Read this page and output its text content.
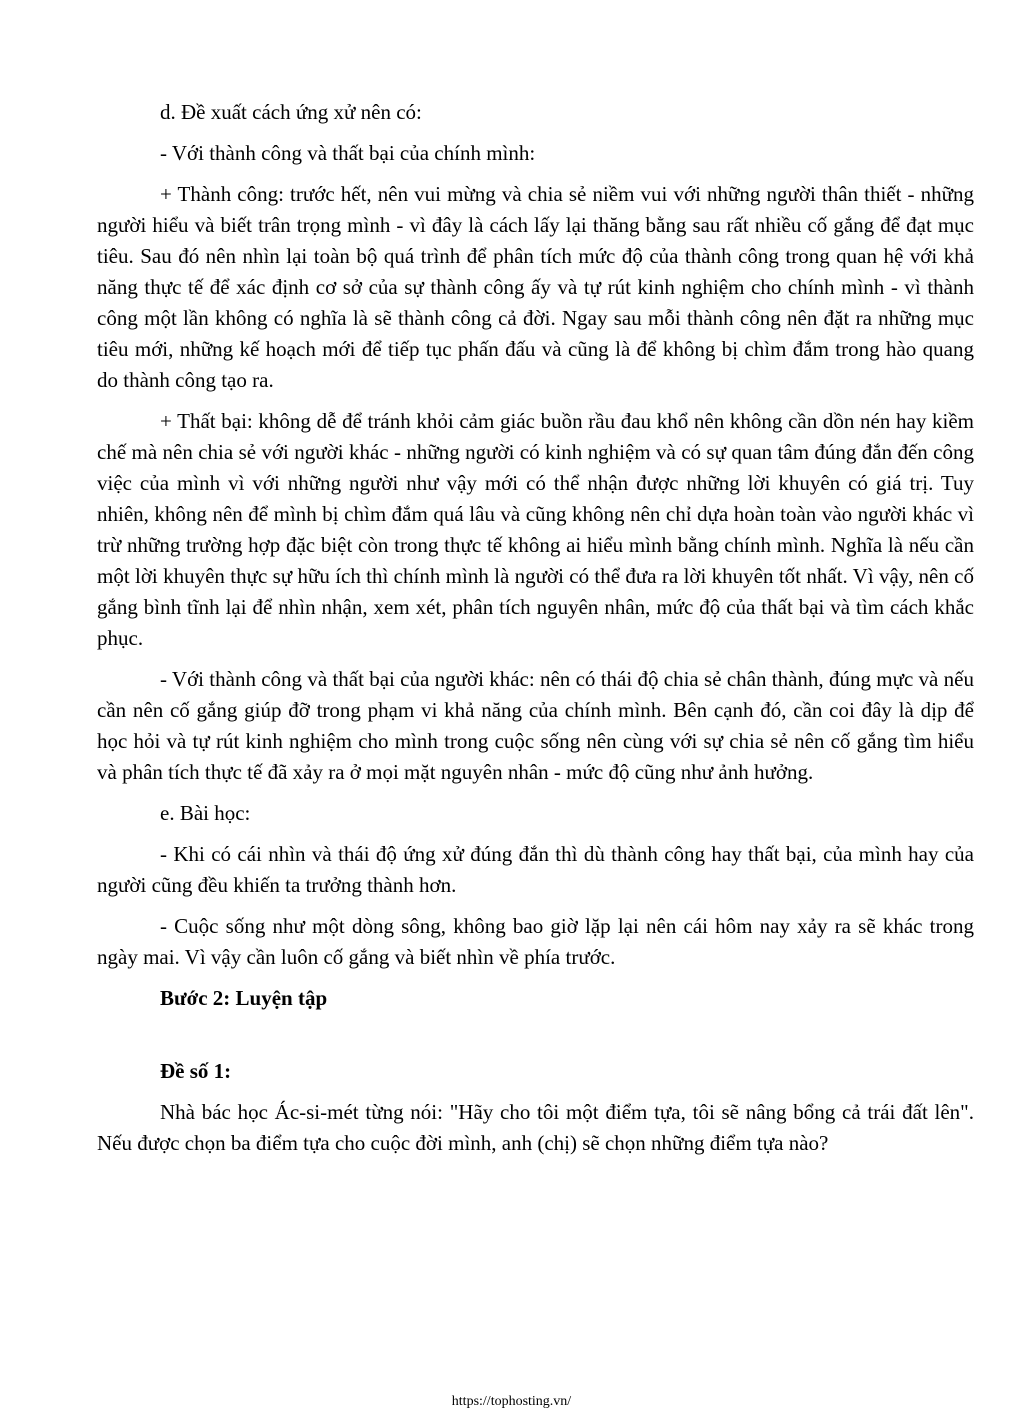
d. Đề xuất cách ứng xử nên có:

- Với thành công và thất bại của chính mình:

+ Thành công: trước hết, nên vui mừng và chia sẻ niềm vui với những người thân thiết - những người hiểu và biết trân trọng mình - vì đây là cách lấy lại thăng bằng sau rất nhiều cố gắng để đạt mục tiêu. Sau đó nên nhìn lại toàn bộ quá trình để phân tích mức độ của thành công trong quan hệ với khả năng thực tế để xác định cơ sở của sự thành công ấy và tự rút kinh nghiệm cho chính mình - vì thành công một lần không có nghĩa là sẽ thành công cả đời. Ngay sau mỗi thành công nên đặt ra những mục tiêu mới, những kế hoạch mới để tiếp tục phấn đấu và cũng là để không bị chìm đắm trong hào quang do thành công tạo ra.

+ Thất bại: không dễ để tránh khỏi cảm giác buồn rầu đau khổ nên không cần dồn nén hay kiềm chế mà nên chia sẻ với người khác - những người có kinh nghiệm và có sự quan tâm đúng đắn đến công việc của mình vì với những người như vậy mới có thể nhận được những lời khuyên có giá trị. Tuy nhiên, không nên để mình bị chìm đắm quá lâu và cũng không nên chỉ dựa hoàn toàn vào người khác vì trừ những trường hợp đặc biệt còn trong thực tế không ai hiểu mình bằng chính mình. Nghĩa là nếu cần một lời khuyên thực sự hữu ích thì chính mình là người có thể đưa ra lời khuyên tốt nhất. Vì vậy, nên cố gắng bình tĩnh lại để nhìn nhận, xem xét, phân tích nguyên nhân, mức độ của thất bại và tìm cách khắc phục.

- Với thành công và thất bại của người khác: nên có thái độ chia sẻ chân thành, đúng mực và nếu cần nên cố gắng giúp đỡ trong phạm vi khả năng của chính mình. Bên cạnh đó, cần coi đây là dịp để học hỏi và tự rút kinh nghiệm cho mình trong cuộc sống nên cùng với sự chia sẻ nên cố gắng tìm hiểu và phân tích thực tế đã xảy ra ở mọi mặt nguyên nhân - mức độ cũng như ảnh hưởng.

e. Bài học:

- Khi có cái nhìn và thái độ ứng xử đúng đắn thì dù thành công hay thất bại, của mình hay của người cũng đều khiến ta trưởng thành hơn.

- Cuộc sống như một dòng sông, không bao giờ lặp lại nên cái hôm nay xảy ra sẽ khác trong ngày mai. Vì vậy cần luôn cố gắng và biết nhìn về phía trước.

Bước 2: Luyện tập

Đề số 1:

Nhà bác học Ác-si-mét từng nói: "Hãy cho tôi một điểm tựa, tôi sẽ nâng bổng cả trái đất lên". Nếu được chọn ba điểm tựa cho cuộc đời mình, anh (chị) sẽ chọn những điểm tựa nào?

https://tophosting.vn/
